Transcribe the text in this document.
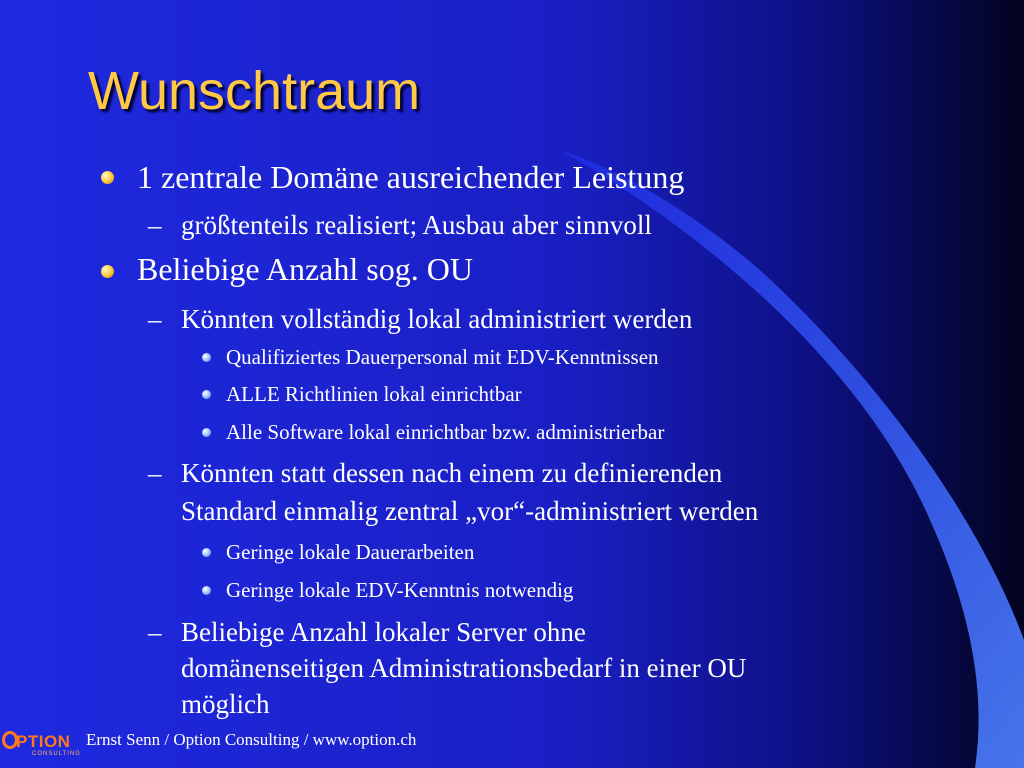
Wunschtraum
1 zentrale Domäne ausreichender Leistung
– größtenteils realisiert; Ausbau aber sinnvoll
Beliebige Anzahl sog. OU
– Könnten vollständig lokal administriert werden
Qualifiziertes Dauerpersonal mit EDV-Kenntnissen
ALLE Richtlinien lokal einrichtbar
Alle Software lokal einrichtbar bzw. administrierbar
– Könnten statt dessen nach einem zu definierenden
Standard einmalig zentral „vor“-administriert werden
Geringe lokale Dauerarbeiten
Geringe lokale EDV-Kenntnis notwendig
– Beliebige Anzahl lokaler Server ohne
domänenseitigen Administrationsbedarf in einer OU
möglich
PTION
CONSULTING
Ernst Senn / Option Consulting / www.option.ch
